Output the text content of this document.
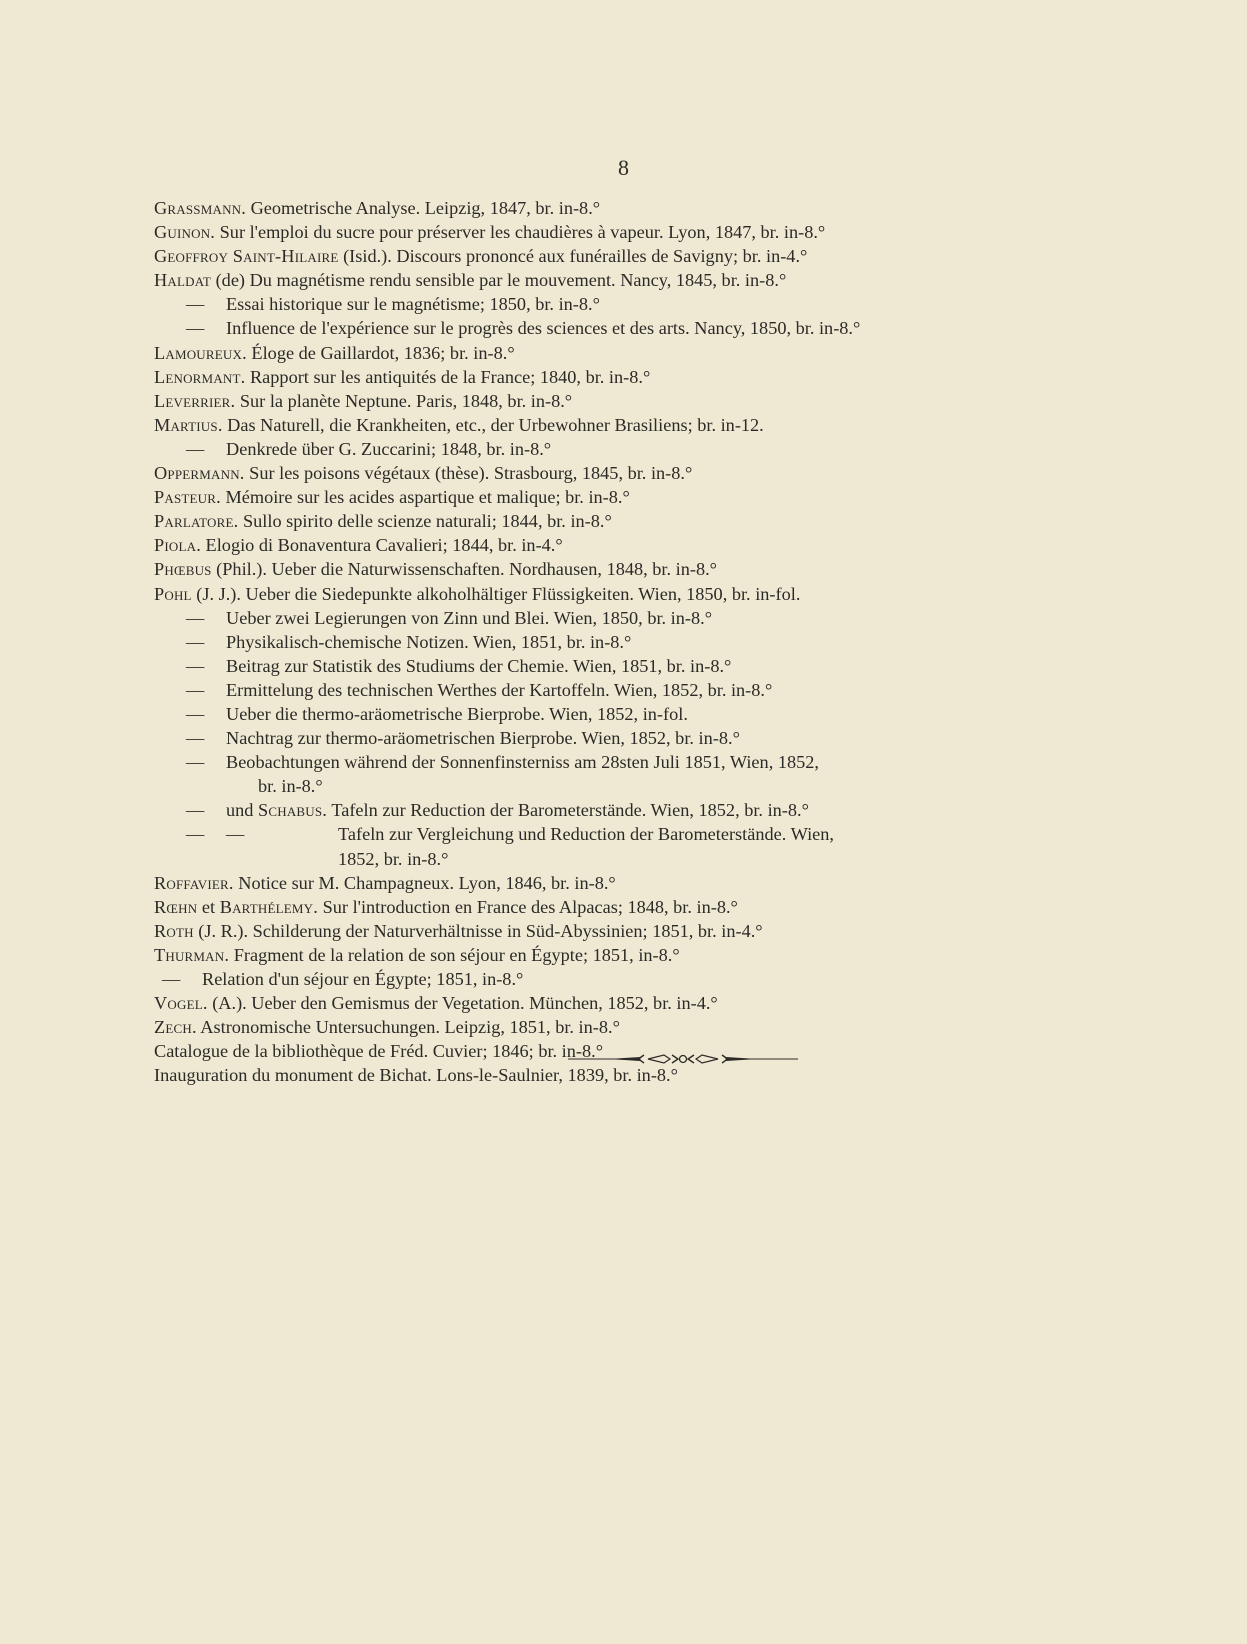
8
Grassmann. Geometrische Analyse. Leipzig, 1847, br. in-8.°
Guinon. Sur l'emploi du sucre pour préserver les chaudières à vapeur. Lyon, 1847, br. in-8.°
Geoffroy Saint-Hilaire (Isid.). Discours prononcé aux funérailles de Savigny; br. in-4.°
Haldat (de) Du magnétisme rendu sensible par le mouvement. Nancy, 1845, br. in-8.°
— Essai historique sur le magnétisme; 1850, br. in-8.°
— Influence de l'expérience sur le progrès des sciences et des arts. Nancy, 1850, br. in-8.°
Lamoureux. Éloge de Gaillardot, 1836; br. in-8.°
Lenormant. Rapport sur les antiquités de la France; 1840, br. in-8.°
Leverrier. Sur la planète Neptune. Paris, 1848, br. in-8.°
Martius. Das Naturell, die Krankheiten, etc., der Urbewohner Brasiliens; br. in-12.
— Denkrede über G. Zuccarini; 1848, br. in-8.°
Oppermann. Sur les poisons végétaux (thèse). Strasbourg, 1845, br. in-8.°
Pasteur. Mémoire sur les acides aspartique et malique; br. in-8.°
Parlatore. Sullo spirito delle scienze naturali; 1844, br. in-8.°
Piola. Elogio di Bonaventura Cavalieri; 1844, br. in-4.°
Phœbus (Phil.). Ueber die Naturwissenschaften. Nordhausen, 1848, br. in-8.°
Pohl (J. J.). Ueber die Siedepunkte alkoholhältiger Flüssigkeiten. Wien, 1850, br. in-fol.
— Ueber zwei Legierungen von Zinn und Blei. Wien, 1850, br. in-8.°
— Physikalisch-chemische Notizen. Wien, 1851, br. in-8.°
— Beitrag zur Statistik des Studiums der Chemie. Wien, 1851, br. in-8.°
— Ermittelung des technischen Werthes der Kartoffeln. Wien, 1852, br. in-8.°
— Ueber die thermo-aräometrische Bierprobe. Wien, 1852, in-fol.
— Nachtrag zur thermo-aräometrischen Bierprobe. Wien, 1852, br. in-8.°
— Beobachtungen während der Sonnenfinsterniss am 28sten Juli 1851, Wien, 1852,
br. in-8.°
— und Schabus. Tafeln zur Reduction der Barometerstände. Wien, 1852, br. in-8.°
— —	Tafeln zur Vergleichung und Reduction der Barometerstände. Wien,
1852, br. in-8.°
Roffavier. Notice sur M. Champagneux. Lyon, 1846, br. in-8.°
Rœhn et Barthélemy. Sur l'introduction en France des Alpacas; 1848, br. in-8.°
Roth (J. R.). Schilderung der Naturverhältnisse in Süd-Abyssinien; 1851, br. in-4.°
Thurman. Fragment de la relation de son séjour en Égypte; 1851, in-8.°
— Relation d'un séjour en Égypte; 1851, in-8.°
Vogel. (A.). Ueber den Gemismus der Vegetation. München, 1852, br. in-4.°
Zech. Astronomische Untersuchungen. Leipzig, 1851, br. in-8.°
Catalogue de la bibliothèque de Fréd. Cuvier; 1846; br. in-8.°
Inauguration du monument de Bichat. Lons-le-Saulnier, 1839, br. in-8.°
